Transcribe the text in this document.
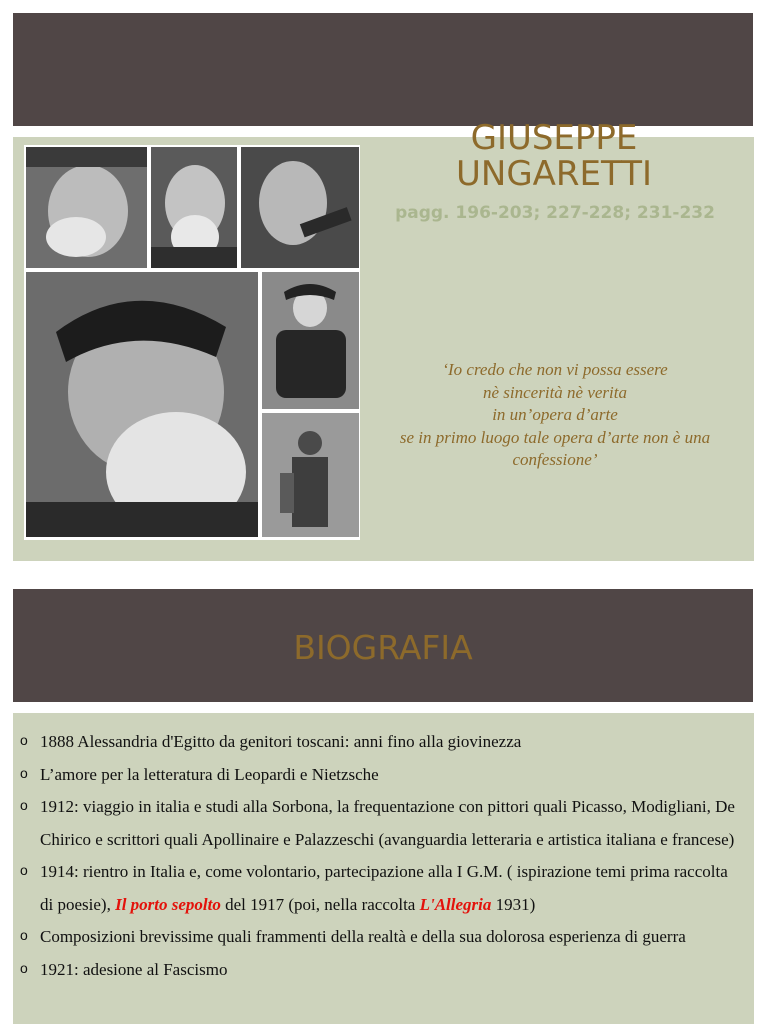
GIUSEPPE
UNGARETTI
pagg. 196-203; 227-228; 231-232
‘Io credo che non vi possa essere
nè sincerità nè verita
in un’opera d’arte
se in primo luogo tale opera d’arte non è una
confessione’
BIOGRAFIA
o 1888 Alessandria d'Egitto da genitori toscani: anni fino alla giovinezza
o L’amore per la letteratura di Leopardi e Nietzsche
o 1912: viaggio in italia e studi alla Sorbona, la frequentazione con pittori quali Picasso, Modigliani, De Chirico e scrittori quali Apollinaire e Palazzeschi (avanguardia letteraria e artistica italiana e francese)
o 1914: rientro in Italia e, come volontario, partecipazione alla I G.M. ( ispirazione temi prima raccolta di poesie), Il porto sepolto del 1917 (poi, nella raccolta L'Allegria 1931)
o Composizioni brevissime quali frammenti della realtà e della sua dolorosa esperienza di guerra
o 1921: adesione al Fascismo
